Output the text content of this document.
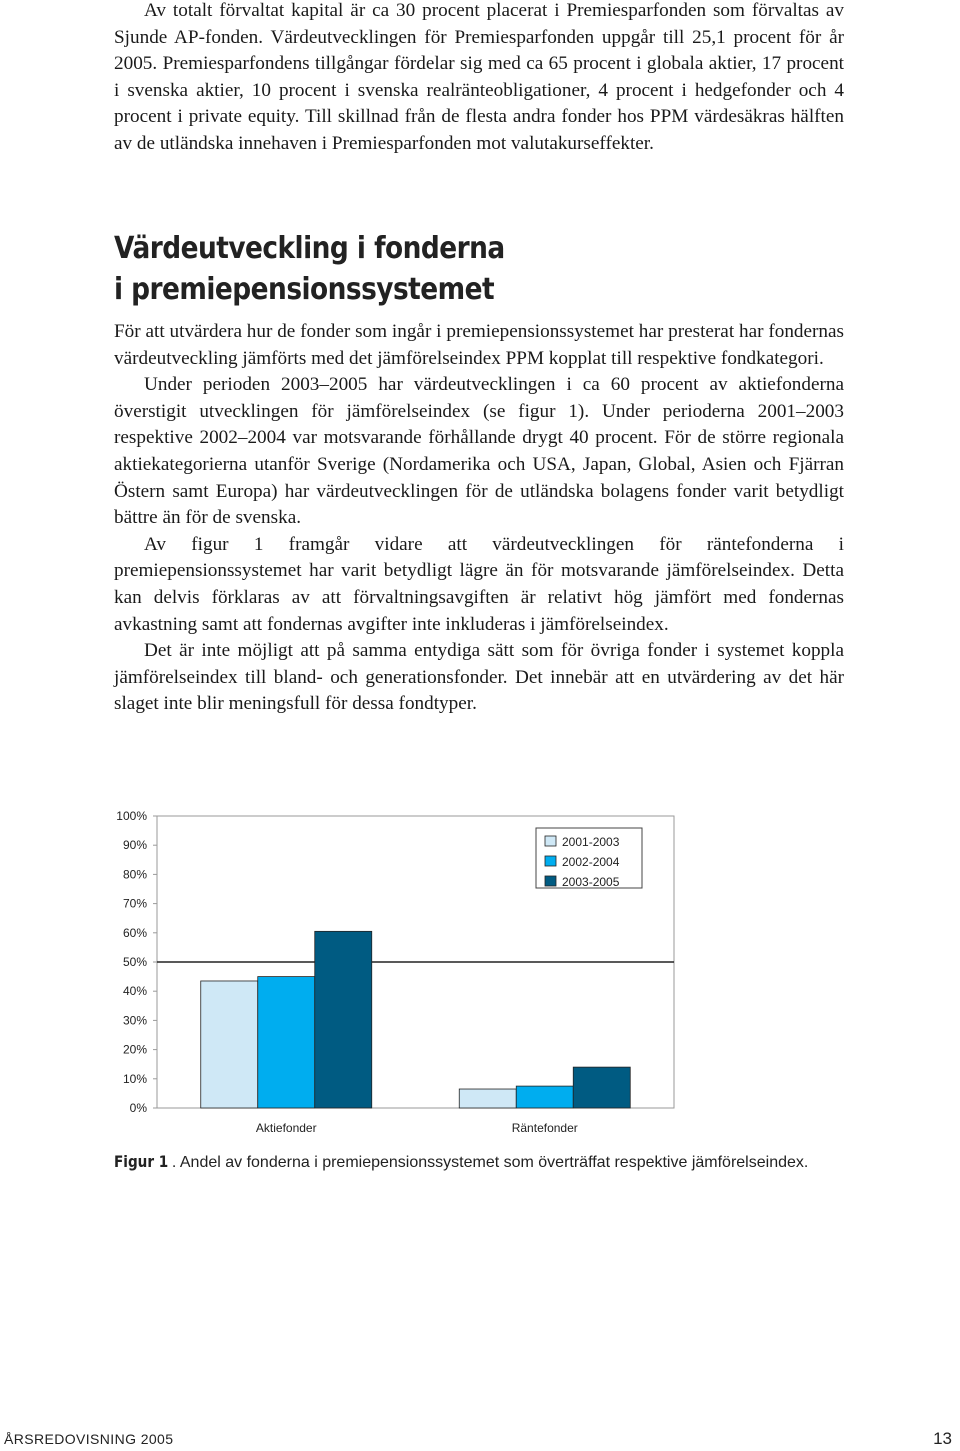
Av totalt förvaltat kapital är ca 30 procent placerat i Premiesparfonden som förvaltas av Sjunde AP-fonden. Värdeutvecklingen för Premiesparfonden uppgår till 25,1 procent för år 2005. Premiesparfondens tillgångar fördelar sig med ca 65 procent i globala aktier, 17 procent i svenska aktier, 10 procent i svenska realränteobligationer, 4 procent i hedgefonder och 4 procent i private equity. Till skillnad från de flesta andra fonder hos PPM värdesäkras hälften av de utländska innehaven i Premiesparfonden mot valutakurseffekter.

Värdeutveckling i fonderna
i premiepensionssystemet

För att utvärdera hur de fonder som ingår i premiepensionssystemet har presterat har fondernas värdeutveckling jämförts med det jämförelseindex PPM kopplat till respektive fondkategori.

Under perioden 2003–2005 har värdeutvecklingen i ca 60 procent av aktiefonderna överstigit utvecklingen för jämförelseindex (se figur 1). Under perioderna 2001–2003 respektive 2002–2004 var motsvarande förhållande drygt 40 procent. För de större regionala aktiekategorierna utanför Sverige (Nordamerika och USA, Japan, Global, Asien och Fjärran Östern samt Europa) har värdeutvecklingen för de utländska bolagens fonder varit betydligt bättre än för de svenska.

Av figur 1 framgår vidare att värdeutvecklingen för räntefonderna i premiepensionssystemet har varit betydligt lägre än för motsvarande jämförelseindex. Detta kan delvis förklaras av att förvaltningsavgiften är relativt hög jämfört med fondernas avkastning samt att fondernas avgifter inte inkluderas i jämförelseindex.

Det är inte möjligt att på samma entydiga sätt som för övriga fonder i systemet koppla jämförelseindex till bland- och generationsfonder. Det innebär att en utvärdering av det här slaget inte blir meningsfull för dessa fondtyper.

0%
10%
20%
30%
40%
50%
60%
70%
80%
90%
100%
Aktiefonder	Räntefonder
2001-2003
2002-2004
2003-2005

Figur 1 . Andel av fonderna i premiepensionssystemet som överträffat respektive jämförelseindex.

ÅRSREDOVISNING 2005	13
